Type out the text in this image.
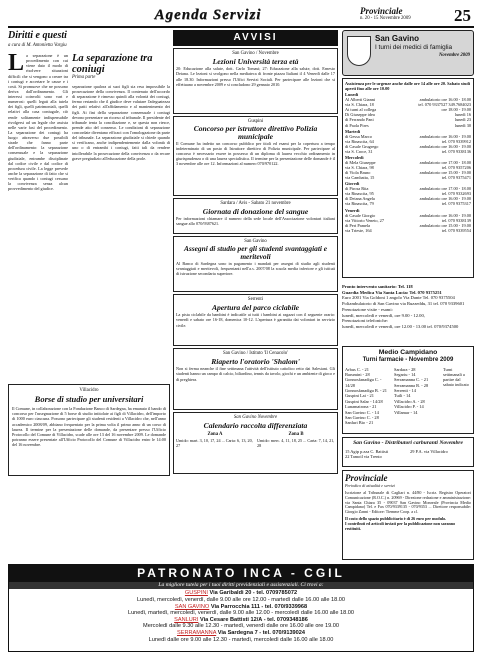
Agenda Servizi	Provinciale
n. 20 - 15 Novembre 2009	25
Diritti e questi
a cura di M. Antonietta Vargiu
L a separazione è un procedimento con cui viene dato il modo di risolvere situazioni difficili che si vengono a creare tra i coniugi e accertare le cause e i costi. Si promuove che ne possono deriva dall'ordinamento. Gli interessi coinvolti sono vari e numerosi: quelli legati alla tutela dei figli, quelli patrimoniali, quelli relativi alla casa coniugale, ciò rende solitamente indispensabile rivolgersi ad un legale che assista nelle varie fasi del procedimento. La separazione dei coniugi ha luogo attraverso due possibili strade che fanno parte dell'ordinamento: la separazione consensuale e la separazione giudiziale, entrambe disciplinate dal codice civile e dal codice di procedura civile. La legge prevede anche la separazione di fatto che si verifica quando i coniugi cessano la convivenza senza alcun provvedimento del giudice.
La separazione tra coniugi
Prima parte
separazione qualora ai suoi figli sia resa impossibile la prosecuzione della convivenza. Il contenuto dell'accordo di separazione è rimesso quindi alla volontà dei coniugi, fermo restando che il giudice deve valutare l'adeguatezza dei patti relativi all'affidamento e al mantenimento dei figli. Ai fini della separazione consensuale i coniugi devono presentare un ricorso al tribunale. Il presidente del tribunale tenta la conciliazione e, se questa non riesce, prende atto del consenso. Le condizioni di separazione concordate diventano efficaci con l'omologazione da parte del tribunale. La separazione giudiziale si chiede quando si verificano, anche indipendentemente dalla volontà di uno o di entrambi i coniugi, fatti tali da rendere intollerabile la prosecuzione della convivenza o da recare grave pregiudizio all'educazione della prole.
Villacidro
Borse di studio per universitari
Il Comune, in collaborazione con la Fondazione Banco di Sardegna, ha emanato il bando di concorso per l'assegnazione di 5 borse di studio intitolate ai figli di Villacidro, dell'importo di 1000 euro ciascuna. Possono partecipare gli studenti residenti a Villacidro che, nell'anno accademico 2008/09, abbiano frequentato per la prima volta il primo anno di un corso di laurea. Il termine per la presentazione delle domande, da presentare presso l'Ufficio Protocollo del Comune di Villacidro, scade alle ore 13 del 16 novembre 2009. Le domande potranno essere presentate all'Ufficio Protocollo del Comune di Villacidro entro le 14:00 del 16 novembre.
AVVISI
San Gavino / Novembre
Lezioni Università terza età
20: Educazione alla salute, dott. Carlo Tomasi; 27: Educazione alla salute, dott. Ernesto Deiana. Le lezioni si svolgono nella mediateca di fronte piazza Italiani il 4 Venerdì dalle 17 alle 18.30. Informazioni presso l'Uffici Servizi Sociali. Per partecipare alle lezioni che si effettuano a novembre 2009 e si concludono 29 gennaio 2010.
Guspini
Concorso per istruttore direttivo Polizia municipale
Il Comune ha indetto un concorso pubblico per titoli ed esami per la copertura a tempo indeterminato di un posto di Istruttore direttivo di Polizia municipale. Per partecipare al concorso è necessario essere in possesso di un diploma di laurea vecchio ordinamento in giurisprudenza o di una laurea specialistica. Il termine per la presentazione delle domande è il 3 novembre alle ore 12. Informazioni al numero 070/970122.
Sardara / Avis - Sabato 21 novembre
Giornata di donazione del sangue
Per informazioni chiamare il numero della sede locale dell'Associazione volontari italiani sangue allo 070/9387621.
San Gavino
Assegni di studio per gli studenti svantaggiati e meritevoli
Al Banco di Sardegna sono in pagamento i mandati per assegni di studio agli studenti svantaggiati e meritevoli, frequentanti nell'a.s. 2007/08 la scuola media inferiore e gli istituti di istruzione secondaria superiore.
Serrenti
Apertura del parco ciclabile
La pista ciclabile da bambini è indicatile ai tutti i bambini ai ragazzi con il seguente orario: venerdì e sabato ore 16-18, domenica 10-12. L'apertura è garantita dai volontari in servizio civile.
San Gavino / Istituto 'Il Cenacolo'
Riaperto l'oratorio 'Shalom'
Non si ferma neanche il fine settimana l'attività dell'istituto cattolico retto dai Salesiani. Gli studenti hanno un campo di calcio, biliardino, tennis da tavolo, giochi e un ambiente di gioco e di preghiera.
San Gavino Novembre
Calendario raccolta differenziata
Zona A
Umido: mart. 3, 10, 17, 24 ... Carta: 6, 13, 20, 27
Zona B
Umido: merc. 4, 11, 18, 25 ... Carta: 7, 14, 21, 28
San Gavino
I turni dei medici di famiglia
Novembre 2009
Assistenza per le urgenze anche dalle ore 14 alle ore 20. Sabato studi aperti fino alle ore 10.00
Lunedì
Al Alberti Gianni	ambulatorio ore 16.00 - 18.00
via S. Chiara, 18	tel. 070 9337527 349.7684023
Ai turni al collega	ore 18.00 - 19.00
Di Giuseppe idea	lunedì 16
di Ferrando Pani	lunedì 23
di Paola Pires	lunedì 30
Martedì
di Gessa Marco	ambulatorio ore 16.00 - 19.00
via Rinascita, 64	tel. 070 9339912
di Casale Grugrego	ambulatorio ore 16.00 - 19.00
via S. Croce, 31	tel. 070 9338136
Mercoledì
di Mela Giuseppe	ambulatorio ore 17.00 - 18.00
via S. Chiara, 98	tel. 070 9357206
di Viola Bruno	ambulatorio ore 15.00 - 19.00
via Cambatta, 15	tel. 070 9375471
Giovedì
di Pirosa Rita	ambulatorio ore 17.00 - 18.00
via Rinascita, 95	tel. 070 9332693
di Deiana Angela	ambulatorio ore 16.00 - 19.00
via Rinascita, 79	tel. 070 9375317
Venerdì
di Casale Giorgio	ambulatorio ore 16.00 - 19.00
via Vittorio Veneto, 27	tel. 070 9338139
di Peri Pamela	ambulatorio ore 15.00 - 19.00
via Trieste, 164	tel. 070 9339554
Pronto intervento sanitario: Tel. 118
Guardia Medica Via Santa Lucia: Tel. 070 9375251
Euro 2001 Via Goldoni 1 angolo Via Dante Tel. 070 9375504
Poliambulatorio di San Gavino via Ruzzeddu, 31 tel. 070 9339601
Prenotazione visite - esami:
lunedì, mercoledì e venerdì, ore 9.00 - 12.00,
Prenotazioni telefoniche:
lunedì, mercoledì e venerdì, ore 12.00 - 13.00 tel. 070/9374500
Medio Campidano
Turni farmacie - Novembre 2009
Arbus C. - 21
Barumini - 28
Gonnosfanadiga C. - 14/28
Gonnosfanadiga B. - 21
Guspini Lai - 21
Guspini Salar - 14/28
Lunamatrona - 21
San Gavino C. - 14
San Gavino C. - 28
Sanluri Bio - 21
Sardara - 28
Segariu - 14
Serramanna C. - 21
Serramanna R. - 28
Serrenti - 14
Tuili - 14
Villacidro A. - 28
Villacidro P. - 14
Villamar - 14
Turni settimanali a partire dal sabato indicato
San Gavino - Distributori carburanti Novembre
15 Agip p.zza C. Battisti
22 Tamoil via Trento
29 P.A. via Villacidro
Provinciale
Periodico di attualità e servizi
Iscrizione al Tribunale di Cagliari n. 44/80 - Iscriz. Registro Operatori Comunicazione (R.O.C.) n. 20969 - Direzione redazione e amministrazione: via Santa Chiara 35 - 09037 San Gavino Monreale (Provincia Medio Campidano) Tel. e Fax 070/9339135 - 070/9353 ... Direttore responsabile: Giorgio Zanni - Editore: Tiemme Coop. a r.l.
Il costo dello spazio pubblicitario è di 26 euro per modulo.
I contributi ed articoli inviati per la pubblicazione non saranno restituiti.
PATRONATO INCA - CGIL
La migliore tutela per i tuoi diritti previdenziali e assistenziali. Ci trovi a:
GUSPINI Via Garibaldi 20 - tel. 0709785072
Lunedì, mercoledì, venerdì, dalle 9.00 alle ore 12.00 - martedì dalle 16.00 alle 18.00
SAN GAVINO Via Parrocchia 111 - tel. 070/9339968
Lunedì, martedì, mercoledì, venerdì, dalle 9.00 alle 12.00 - mercoledì dalle 16.00 alle 18.00
SANLURI Via Cesare Battisti 12/A - tel. 0709348186
Mercoledì dalle 9.30 alle 12.30 - martedì, venerdì dalle ore 16.00 alle ore 19.00
SERRAMANNA Via Sardegna 7 - tel. 070/9139024
Lunedì dalle ore 9.00 alle 12.30 - martedì, mercoledì dalle 16.00 alle 18.00
